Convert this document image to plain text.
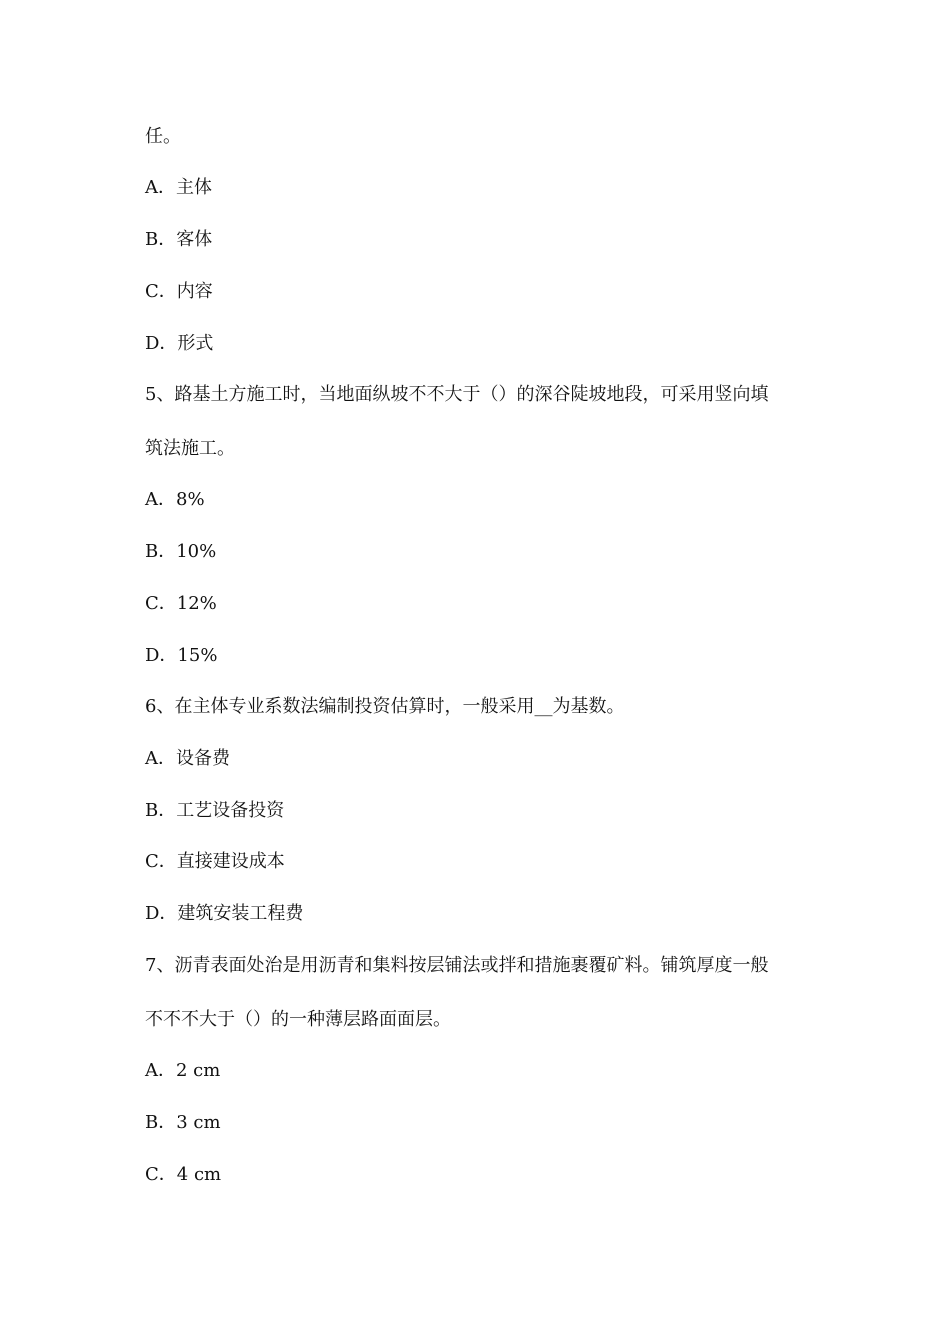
任。
A．主体
B．客体
C．内容
D．形式
5、路基土方施工时，当地面纵坡不不大于（）的深谷陡坡地段，可采用竖向填
筑法施工。
A．8%
B．10%
C．12%
D．15%
6、在主体专业系数法编制投资估算时，一般采用__为基数。
A．设备费
B．工艺设备投资
C．直接建设成本
D．建筑安装工程费
7、沥青表面处治是用沥青和集料按层铺法或拌和措施裹覆矿料。铺筑厚度一般
不不不大于（）的一种薄层路面面层。
A．2 cm
B．3 cm
C．4 cm
